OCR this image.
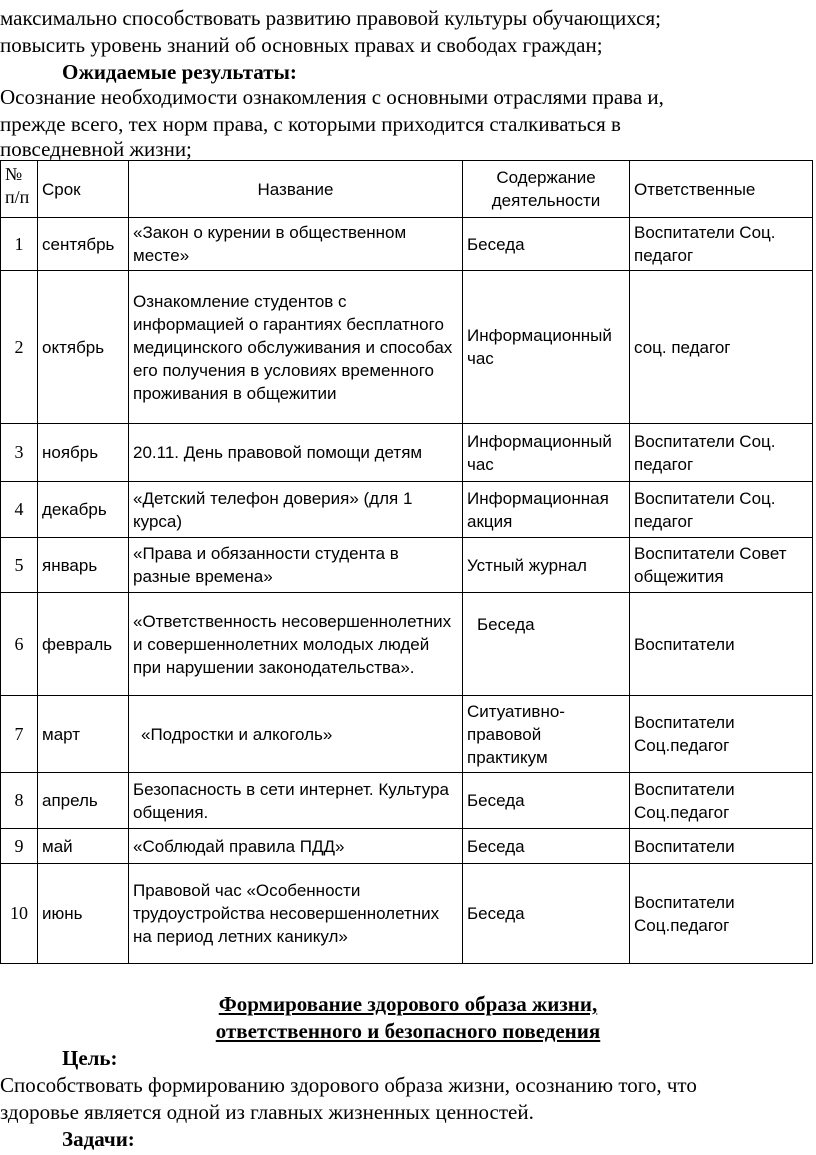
максимально способствовать развитию правовой культуры обучающихся;
повысить уровень знаний об основных правах и свободах граждан;
Ожидаемые результаты:
Осознание необходимости ознакомления с основными отраслями права и,
прежде всего, тех норм права, с которыми приходится сталкиваться в
повседневной жизни;
№ п/п	Срок	Название	Содержание деятельности	Ответственные
1	сентябрь	«Закон о курении в общественном месте»	Беседа	Воспитатели Соц. педагог
2	октябрь	Ознакомление студентов с информацией о гарантиях бесплатного медицинского обслуживания и способах его получения в условиях временного проживания в общежитии	Информационный час	соц. педагог
3	ноябрь	20.11. День правовой помощи детям	Информационный час	Воспитатели Соц. педагог
4	декабрь	«Детский телефон доверия» (для 1 курса)	Информационная акция	Воспитатели Соц. педагог
5	январь	«Права и обязанности студента в разные времена»	Устный журнал	Воспитатели Совет общежития
6	февраль	«Ответственность несовершеннолетних и совершеннолетних молодых людей при нарушении законодательства».	Беседа	Воспитатели
7	март	«Подростки и алкоголь»	Ситуативно-правовой практикум	Воспитатели Соц.педагог
8	апрель	Безопасность в сети интернет. Культура общения.	Беседа	Воспитатели Соц.педагог
9	май	«Соблюдай правила ПДД»	Беседа	Воспитатели
10	июнь	Правовой час «Особенности трудоустройства несовершеннолетних на период летних каникул»	Беседа	Воспитатели Соц.педагог
Формирование здорового образа жизни,
ответственного и безопасного поведения
Цель:
Способствовать формированию здорового образа жизни, осознанию того, что
здоровье является одной из главных жизненных ценностей.
Задачи:
